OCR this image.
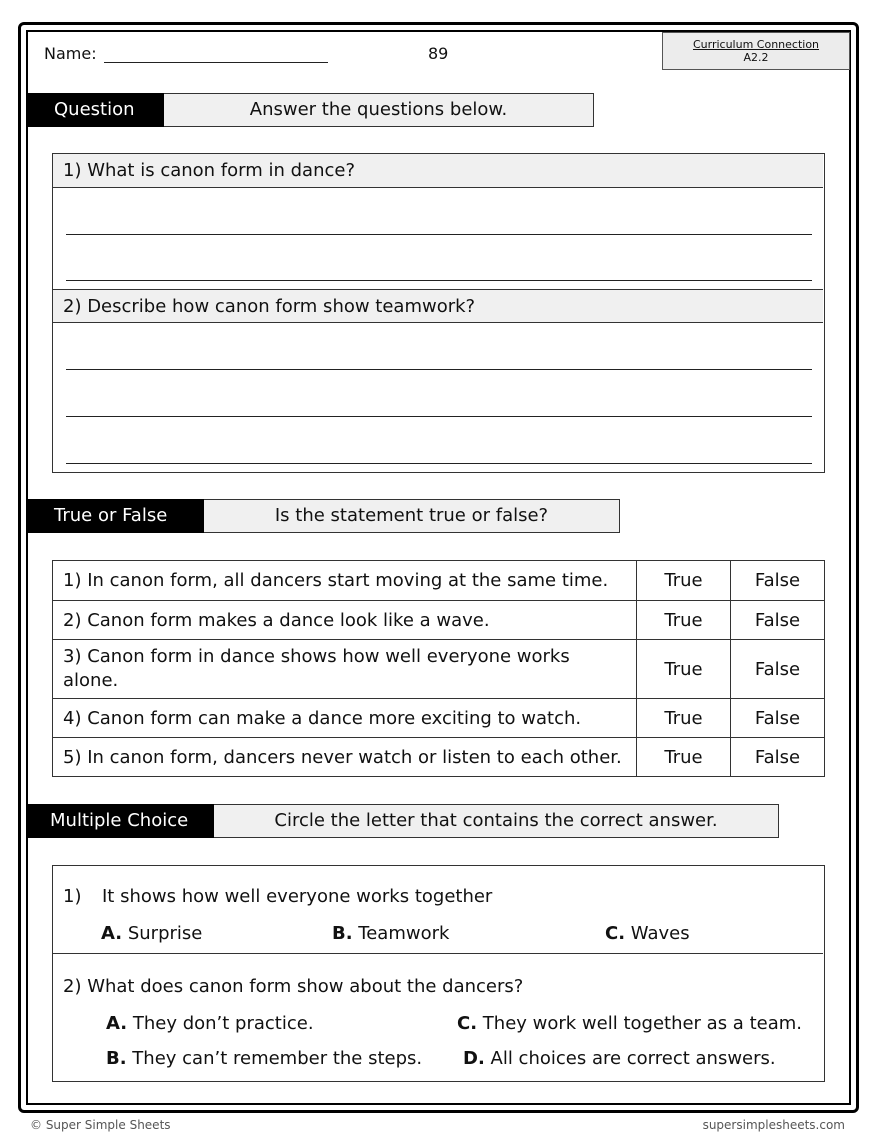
Name:	89	Curriculum Connection
A2.2
Question	Answer the questions below.
1) What is canon form in dance?
2) Describe how canon form show teamwork?
True or False	Is the statement true or false?
1) In canon form, all dancers start moving at the same time.	True	False
2) Canon form makes a dance look like a wave.	True	False
3) Canon form in dance shows how well everyone works alone.	True	False
4) Canon form can make a dance more exciting to watch.	True	False
5) In canon form, dancers never watch or listen to each other.	True	False
Multiple Choice	Circle the letter that contains the correct answer.
1) It shows how well everyone works together
A. Surprise	B. Teamwork	C. Waves
2) What does canon form show about the dancers?
A. They don’t practice.	C. They work well together as a team.
B. They can’t remember the steps. D. All choices are correct answers.
© Super Simple Sheets	supersimplesheets.com
